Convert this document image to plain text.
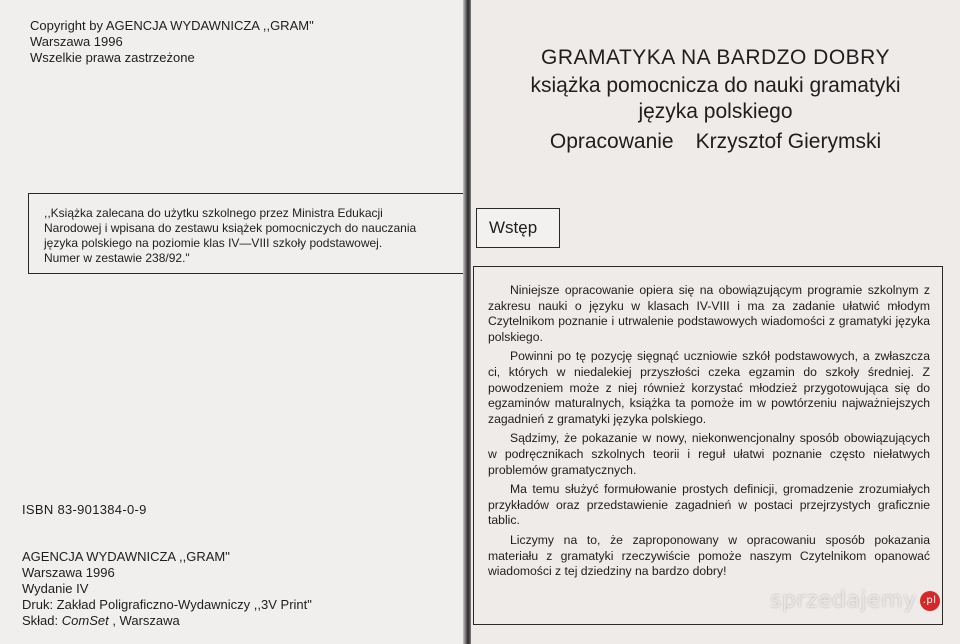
Copyright by AGENCJA WYDAWNICZA ,,GRAM"
Warszawa 1996
Wszelkie prawa zastrzeżone
,,Książka zalecana do użytku szkolnego przez Ministra Edukacji
Narodowej i wpisana do zestawu książek pomocniczych do nauczania
języka polskiego na poziomie klas IV—VIII szkoły podstawowej.
Numer w zestawie 238/92."
ISBN 83-901384-0-9
AGENCJA WYDAWNICZA ,,GRAM"
Warszawa 1996
Wydanie IV
Druk: Zakład Poligraficzno-Wydawniczy ,,3V Print"
Skład: ComSet , Warszawa
GRAMATYKA NA BARDZO DOBRY
książka pomocnicza do nauki gramatyki
języka polskiego
Opracowanie Krzysztof Gierymski
Wstęp

Niniejsze opracowanie opiera się na obowiązującym programie szkolnym z zakresu nauki o języku w klasach IV-VIII i ma za zadanie ułatwić młodym Czytelnikom poznanie i utrwalenie podstawowych wiadomości z gramatyki języka polskiego.

Powinni po tę pozycję sięgnąć uczniowie szkół podstawowych, a zwłaszcza ci, których w niedalekiej przyszłości czeka egzamin do szkoły średniej. Z powodzeniem może z niej również korzystać młodzież przygotowująca się do egzaminów maturalnych, książka ta pomoże im w powtórzeniu najważniejszych zagadnień z gramatyki języka polskiego.

Sądzimy, że pokazanie w nowy, niekonwencjonalny sposób obowiązujących w podręcznikach szkolnych teorii i reguł ułatwi poznanie często niełatwych problemów gramatycznych.

Ma temu służyć formułowanie prostych definicji, gromadzenie zrozumiałych przykładów oraz przedstawienie zagadnień w postaci przejrzystych graficznie tablic.

Liczymy na to, że zaproponowany w opracowaniu sposób pokazania materiału z gramatyki rzeczywiście pomoże naszym Czytelnikom opanować wiadomości z tej dziedziny na bardzo dobry!

sprzedajemy .pl
